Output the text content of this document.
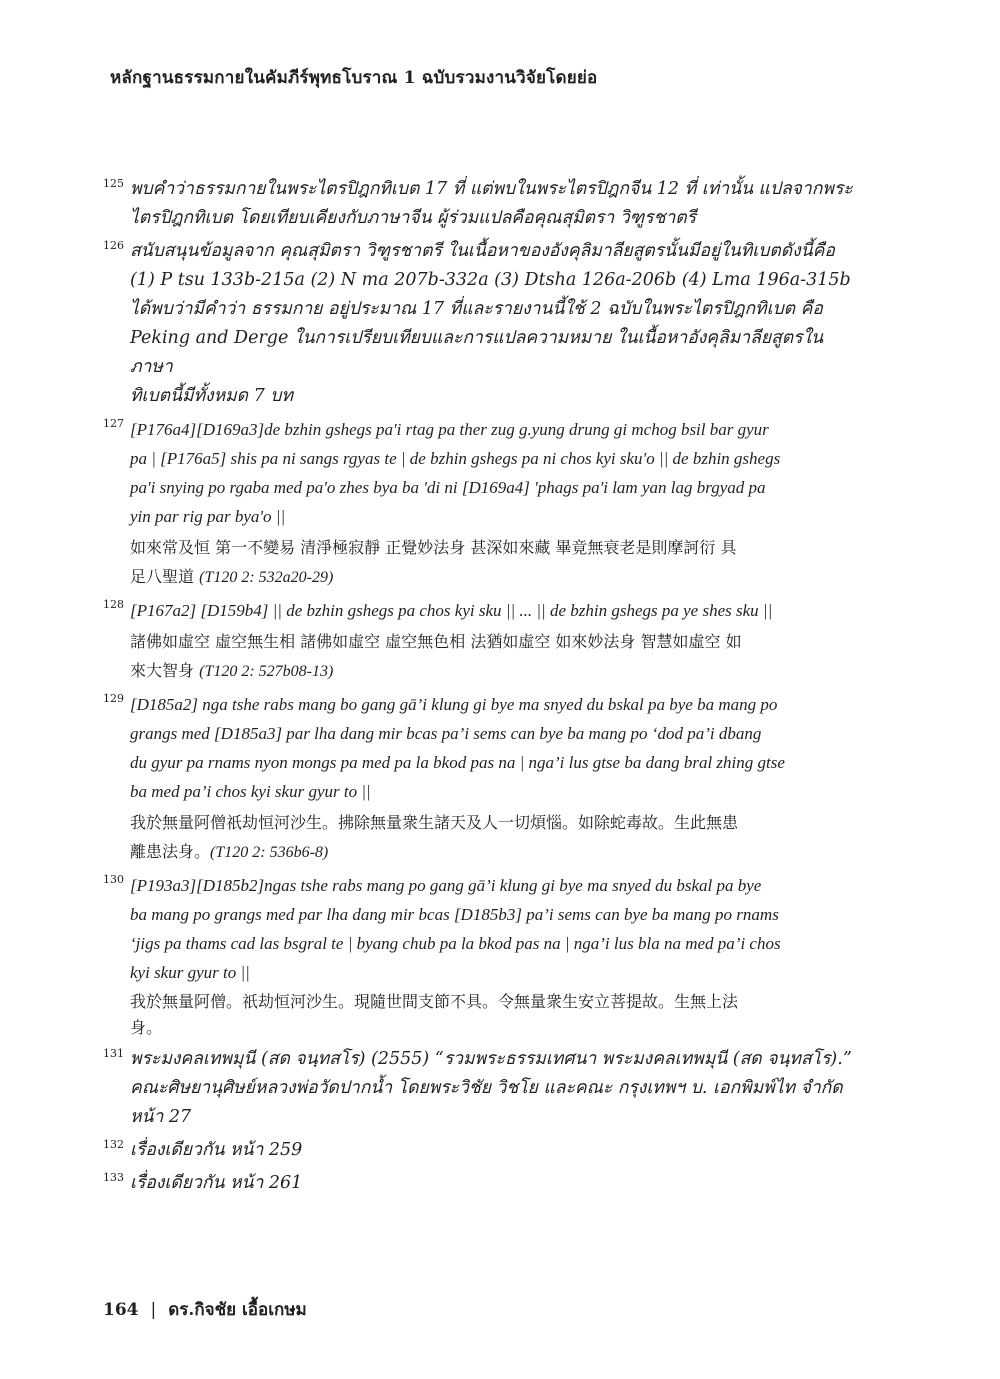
หลักฐานธรรมกายในคัมภีร์พุทธโบราณ 1 ฉบับรวมงานวิจัยโดยย่อ
125 พบคำว่าธรรมกายในพระไตรปิฎกทิเบต 17 ที่ แต่พบในพระไตรปิฎกจีน 12 ที่ เท่านั้น แปลจากพระ
ไตรปิฎกทิเบต โดยเทียบเคียงกับภาษาจีน ผู้ร่วมแปลคือคุณสุมิตรา วิฑูรชาตรี
126 สนับสนุนข้อมูลจาก คุณสุมิตรา วิฑูรชาตรี ในเนื้อหาของอังคุลิมาลียสูตรนั้นมีอยู่ในทิเบตดังนี้คือ
(1) P tsu 133b-215a (2) N ma 207b-332a (3) Dtsha 126a-206b (4) Lma 196a-315b
ได้พบว่ามีคำว่า ธรรมกาย อยู่ประมาณ 17 ที่และรายงานนี้ใช้ 2 ฉบับในพระไตรปิฎกทิเบต คือ
Peking and Derge ในการเปรียบเทียบและการแปลความหมาย ในเนื้อหาอังคุลิมาลียสูตรในภาษา
ทิเบตนี้มีทั้งหมด 7 บท
127 [P176a4][D169a3]de bzhin gshegs pa'i rtag pa ther zug g.yung drung gi mchog bsil bar gyur
pa | [P176a5] shis pa ni sangs rgyas te | de bzhin gshegs pa ni chos kyi sku'o || de bzhin gshegs
pa'i snying po rgaba med pa'o zhes bya ba 'di ni [D169a4] 'phags pa'i lam yan lag brgyad pa
yin par rig par bya'o ||
如來常及恒 第一不變易 清淨極寂靜 正覺妙法身 甚深如來藏 畢竟無衰老是則摩訶衍 具
足八聖道 (T120 2: 532a20-29)
128 [P167a2] [D159b4] || de bzhin gshegs pa chos kyi sku || ... || de bzhin gshegs pa ye shes sku ||
諸佛如虛空 虛空無生相 諸佛如虛空 虛空無色相 法猶如虛空 如來妙法身 智慧如虛空 如
來大智身 (T120 2: 527b08-13)
129 [D185a2] nga tshe rabs mang bo gang gā’i klung gi bye ma snyed du bskal pa bye ba mang po
grangs med [D185a3] par lha dang mir bcas pa’i sems can bye ba mang po ‘dod pa’i dbang
du gyur pa rnams nyon mongs pa med pa la bkod pas na | nga’i lus gtse ba dang bral zhing gtse
ba med pa’i chos kyi skur gyur to ||
我於無量阿僧祇劫恒河沙生。拂除無量衆生諸天及人一切煩惱。如除蛇毒故。生此無患
離患法身。(T120 2: 536b6-8)
130 [P193a3][D185b2]ngas tshe rabs mang po gang gā’i klung gi bye ma snyed du bskal pa bye
ba mang po grangs med par lha dang mir bcas [D185b3] pa’i sems can bye ba mang po rnams
‘jigs pa thams cad las bsgral te | byang chub pa la bkod pas na | nga’i lus bla na med pa’i chos
kyi skur gyur to ||
我於無量阿僧。祇劫恒河沙生。現隨世間支節不具。令無量衆生安立菩提故。生無上法
身。
131 พระมงคลเทพมุนี (สด จนฺทสโร) (2555) “รวมพระธรรมเทศนา พระมงคลเทพมุนี (สด จนฺทสโร).”
คณะศิษยานุศิษย์หลวงพ่อวัดปากน้ำ โดยพระวิชัย วิชโย และคณะ กรุงเทพฯ บ. เอกพิมพ์ไท จำกัด
หน้า 27
132 เรื่องเดียวกัน หน้า 259
133 เรื่องเดียวกัน หน้า 261
164 | ดร.กิจชัย เอื้อเกษม
